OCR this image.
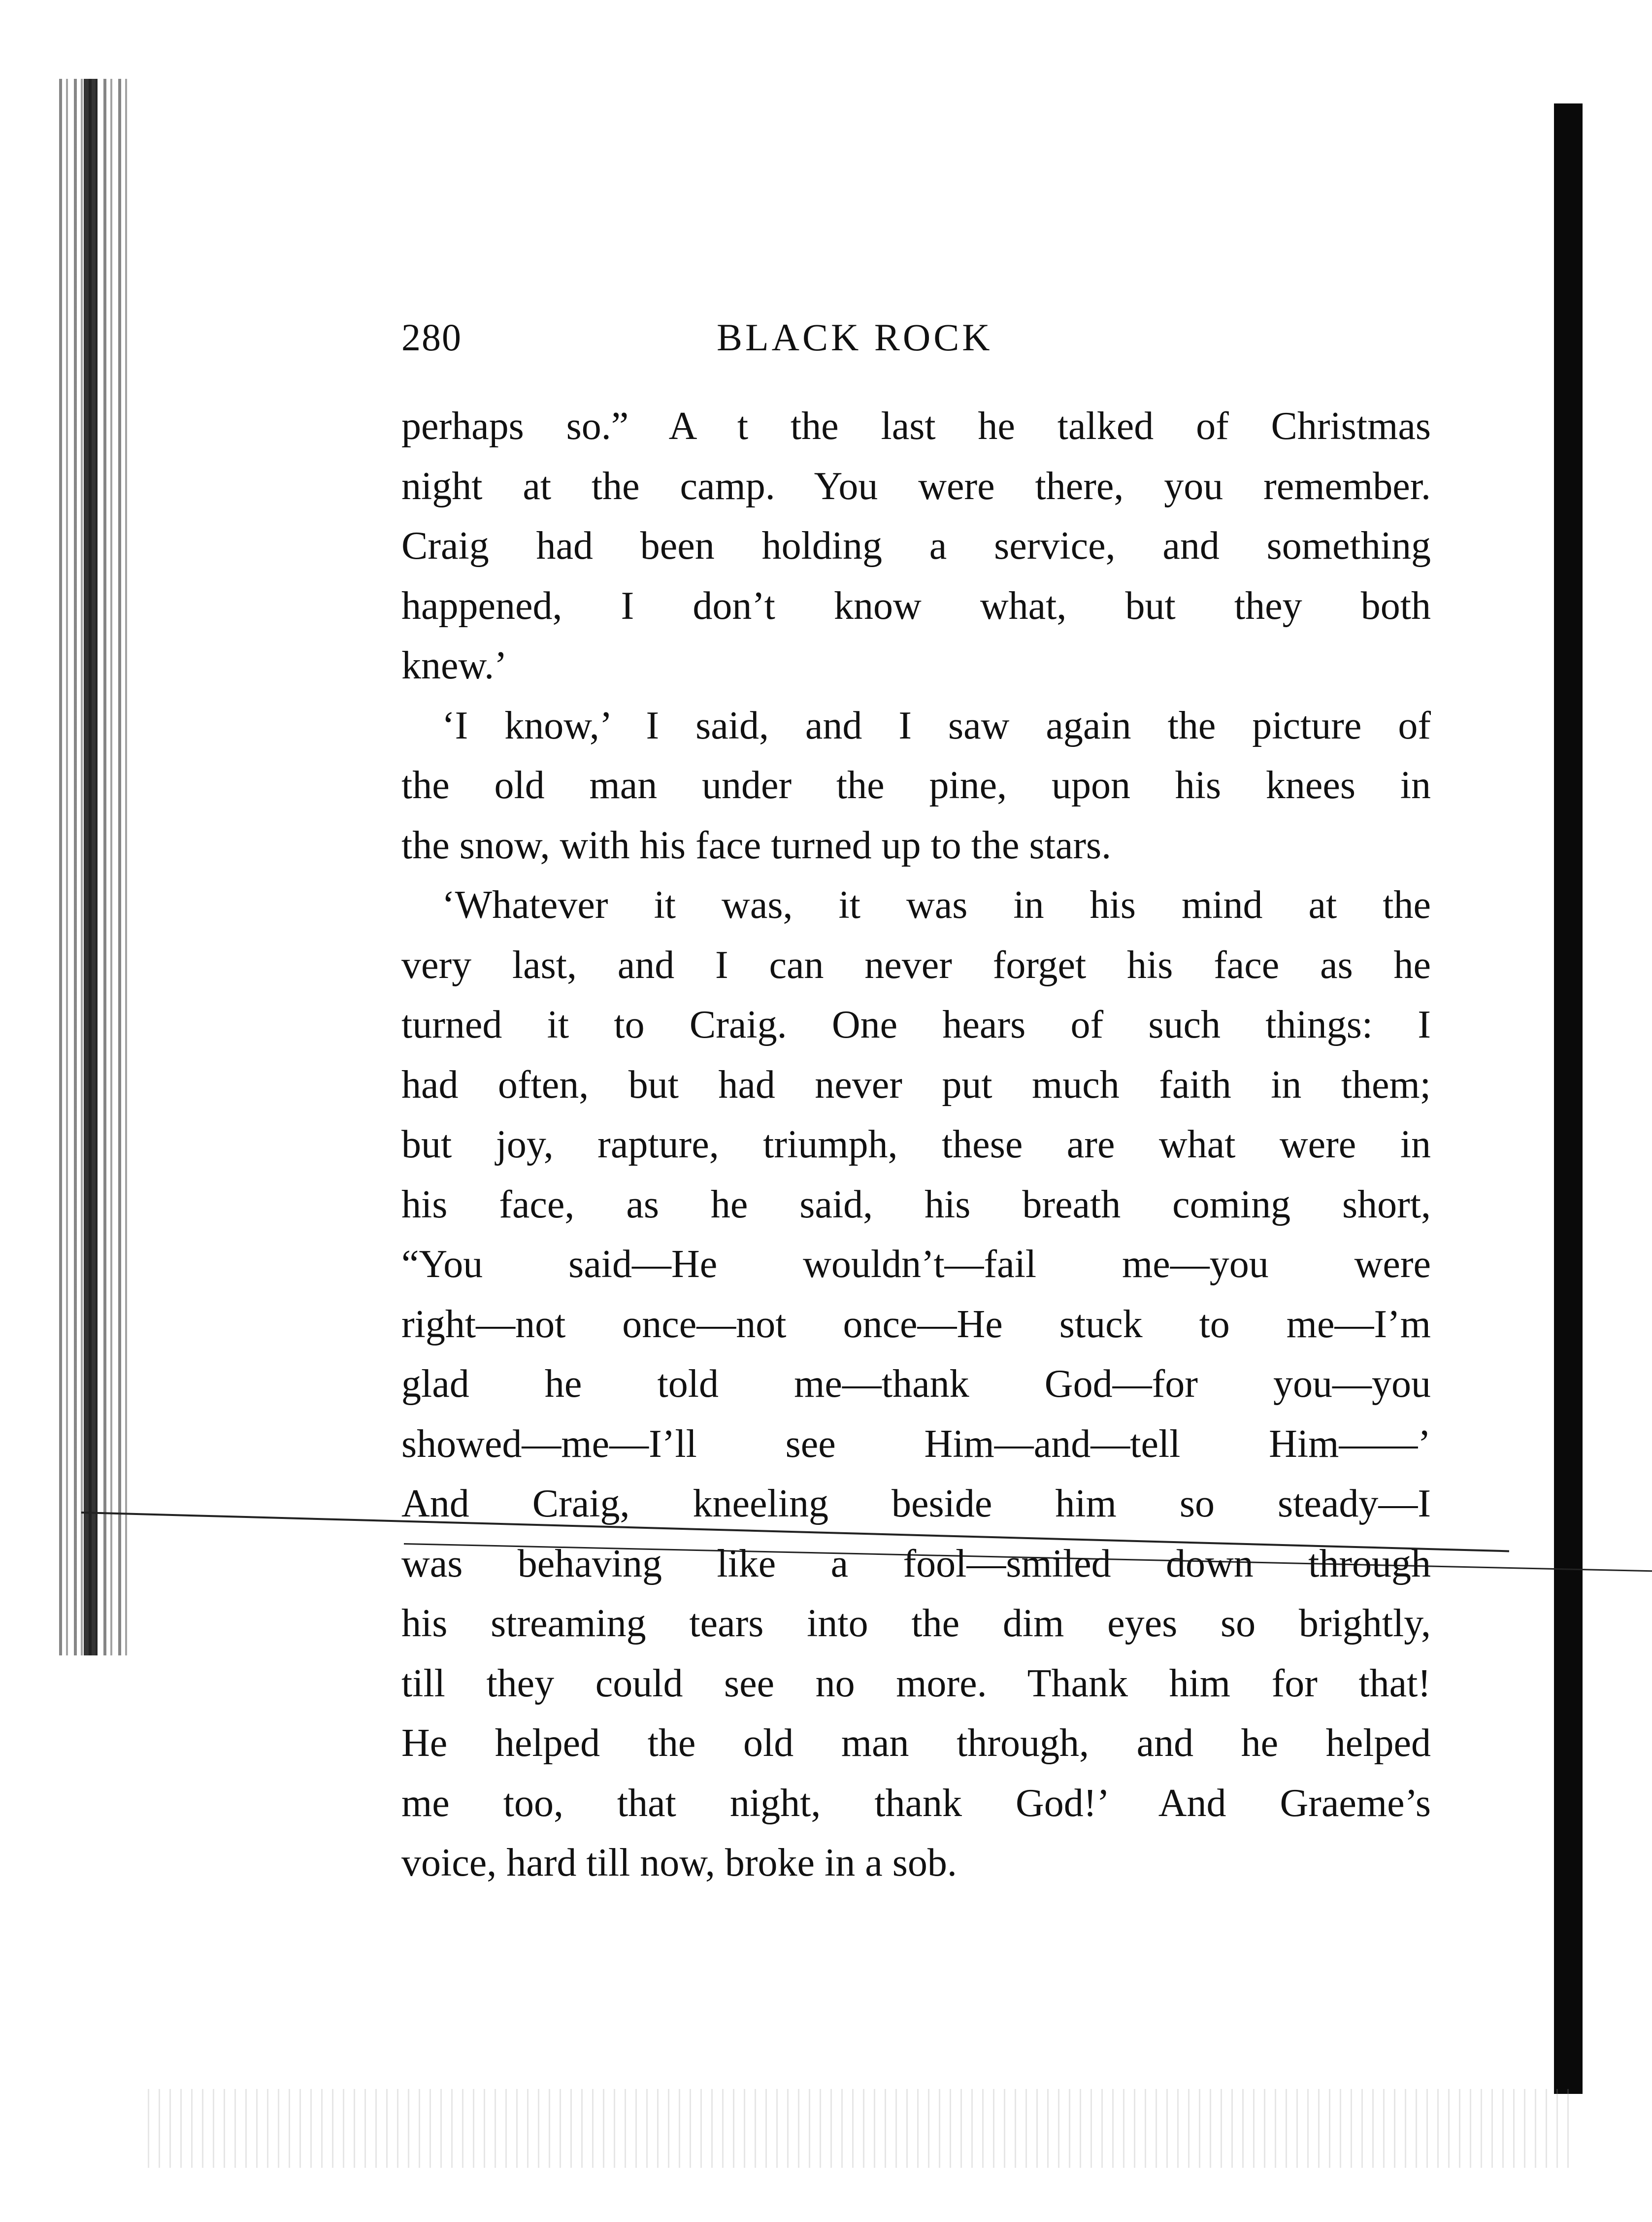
280	BLACK ROCK
perhaps so.” A t the last he talked of Christmas
night at the camp. You were there, you remember.
Craig had been holding a service, and something
happened, I don’t know what, but they both
knew.’
‘I know,’ I said, and I saw again the picture of
the old man under the pine, upon his knees in
the snow, with his face turned up to the stars.
‘Whatever it was, it was in his mind at the
very last, and I can never forget his face as he
turned it to Craig. One hears of such things: I
had often, but had never put much faith in them;
but joy, rapture, triumph, these are what were in
his face, as he said, his breath coming short,
“You said—He wouldn’t—fail me—you were
right—not once—not once—He stuck to me—I’m
glad he told me—thank God—for you—you
showed—me—I’ll see Him—and—tell Him——’
And Craig, kneeling beside him so steady—I
was behaving like a fool—smiled down through
his streaming tears into the dim eyes so brightly,
till they could see no more. Thank him for that!
He helped the old man through, and he helped
me too, that night, thank God!’ And Graeme’s
voice, hard till now, broke in a sob.
